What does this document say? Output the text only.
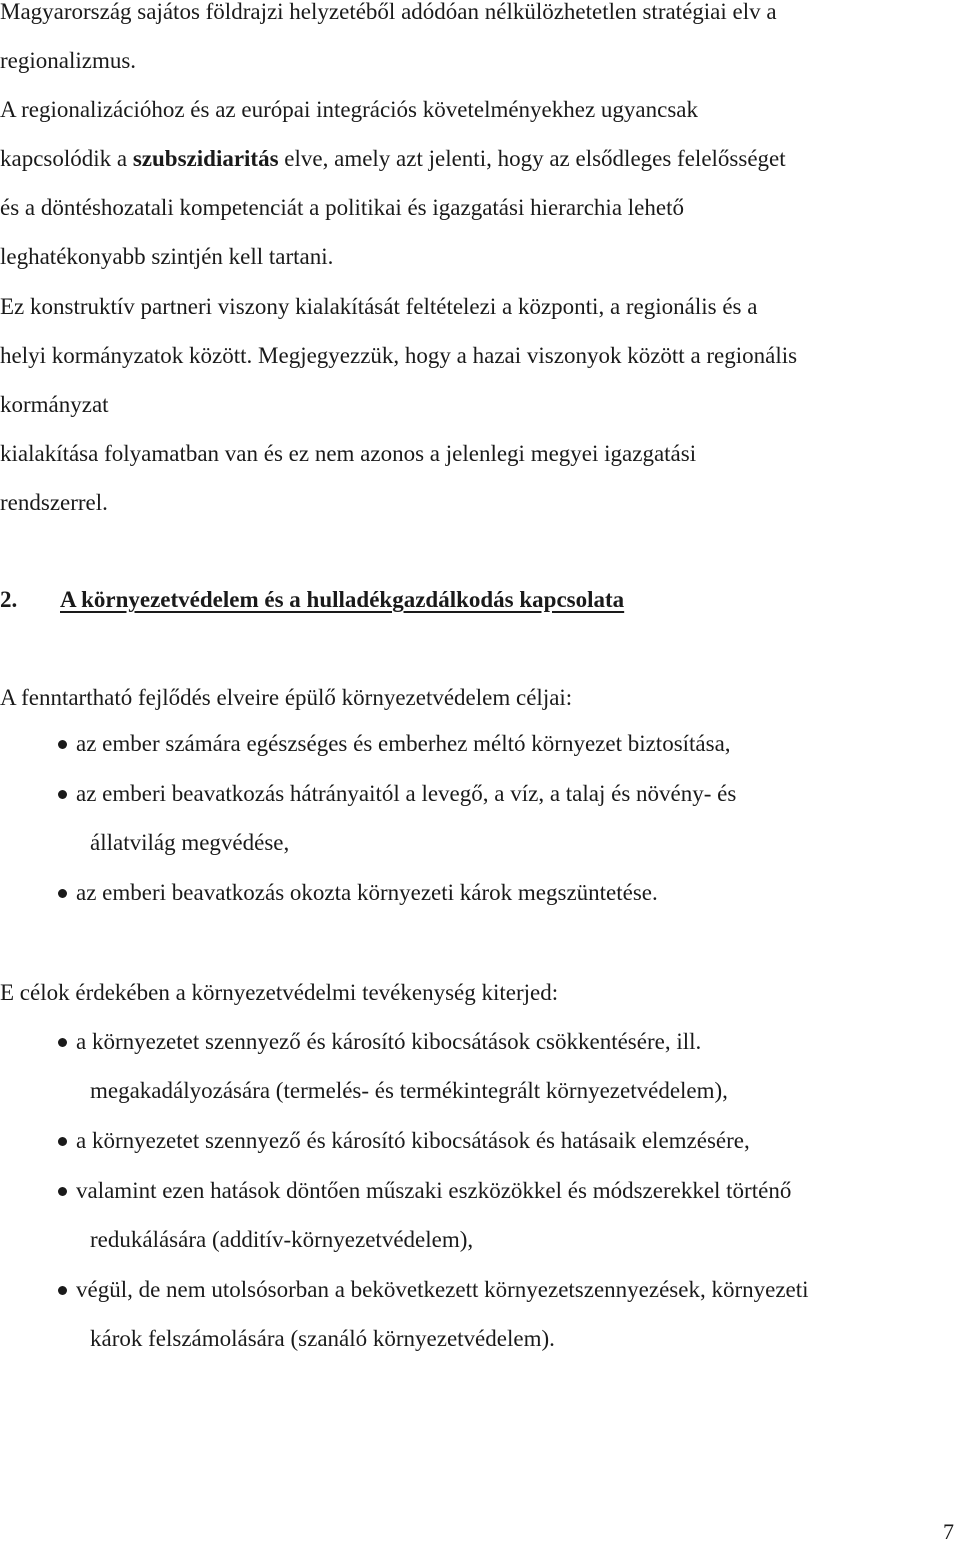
Magyarország sajátos földrajzi helyzetéből adódóan nélkülözhetetlen stratégiai elv a
regionalizmus.

A regionalizációhoz és az európai integrációs követelményekhez ugyancsak
kapcsolódik a szubszidiaritás elve, amely azt jelenti, hogy az elsődleges felelősséget
és a döntéshozatali kompetenciát a politikai és igazgatási hierarchia lehető
leghatékonyabb szintjén kell tartani.

Ez konstruktív partneri viszony kialakítását feltételezi a központi, a regionális és a
helyi kormányzatok között. Megjegyezzük, hogy a hazai viszonyok között a regionális
kormányzat
kialakítása folyamatban van és ez nem azonos a jelenlegi megyei igazgatási
rendszerrel.

2. A környezetvédelem és a hulladékgazdálkodás kapcsolata
A fenntartható fejlődés elveire épülő környezetvédelem céljai:
az ember számára egészséges és emberhez méltó környezet biztosítása,
az emberi beavatkozás hátrányaitól a levegő, a víz, a talaj és növény- és
állatvilág megvédése,
az emberi beavatkozás okozta környezeti károk megszüntetése.
E célok érdekében a környezetvédelmi tevékenység kiterjed:
a környezetet szennyező és károsító kibocsátások csökkentésére, ill.
megakadályozására (termelés- és termékintegrált környezetvédelem),
a környezetet szennyező és károsító kibocsátások és hatásaik elemzésére,
valamint ezen hatások döntően műszaki eszközökkel és módszerekkel történő
redukálására (additív-környezetvédelem),
végül, de nem utolsósorban a bekövetkezett környezetszennyezések, környezeti
károk felszámolására (szanáló környezetvédelem).
7
